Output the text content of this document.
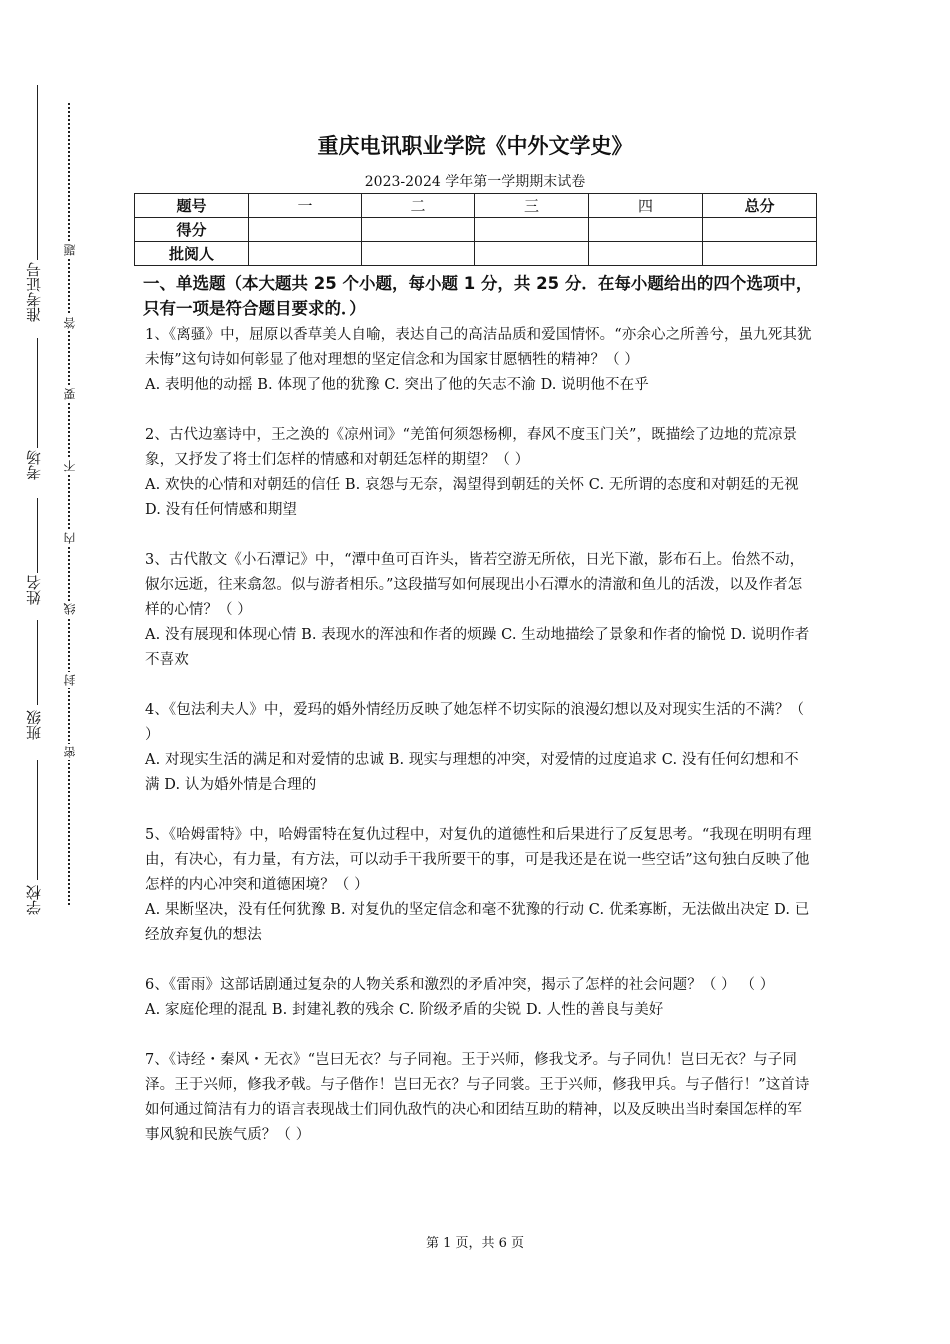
准考证号
考场
姓名
班级
学校
题
答
要
不
内
线
封
密
重庆电讯职业学院《中外文学史》
2023-2024 学年第一学期期末试卷
题号	一	二	三	四	总分
得分					
批阅人					
一、单选题（本大题共 25 个小题，每小题 1 分，共 25 分．在每小题给出的四个选项中，只有一项是符合题目要求的．）

1、《离骚》中，屈原以香草美人自喻，表达自己的高洁品质和爱国情怀。“亦余心之所善兮，虽九死其犹未悔”这句诗如何彰显了他对理想的坚定信念和为国家甘愿牺牲的精神？（ ）

A. 表明他的动摇 B. 体现了他的犹豫 C. 突出了他的矢志不渝 D. 说明他不在乎

2、古代边塞诗中，王之涣的《凉州词》“羌笛何须怨杨柳，春风不度玉门关”，既描绘了边地的荒凉景象，又抒发了将士们怎样的情感和对朝廷怎样的期望？（ ）

A. 欢快的心情和对朝廷的信任 B. 哀怨与无奈，渴望得到朝廷的关怀 C. 无所谓的态度和对朝廷的无视 D. 没有任何情感和期望

3、古代散文《小石潭记》中，“潭中鱼可百许头，皆若空游无所依，日光下澈，影布石上。佁然不动，俶尔远逝，往来翕忽。似与游者相乐。”这段描写如何展现出小石潭水的清澈和鱼儿的活泼，以及作者怎样的心情？（ ）

A. 没有展现和体现心情 B. 表现水的浑浊和作者的烦躁 C. 生动地描绘了景象和作者的愉悦 D. 说明作者不喜欢

4、《包法利夫人》中，爱玛的婚外情经历反映了她怎样不切实际的浪漫幻想以及对现实生活的不满？（ ）

A. 对现实生活的满足和对爱情的忠诚 B. 现实与理想的冲突，对爱情的过度追求 C. 没有任何幻想和不满 D. 认为婚外情是合理的

5、《哈姆雷特》中，哈姆雷特在复仇过程中，对复仇的道德性和后果进行了反复思考。“我现在明明有理由，有决心，有力量，有方法，可以动手干我所要干的事，可是我还是在说一些空话”这句独白反映了他怎样的内心冲突和道德困境？（ ）

A. 果断坚决，没有任何犹豫 B. 对复仇的坚定信念和毫不犹豫的行动 C. 优柔寡断，无法做出决定 D. 已经放弃复仇的想法

6、《雷雨》这部话剧通过复杂的人物关系和激烈的矛盾冲突，揭示了怎样的社会问题？（ ） （ ）

A. 家庭伦理的混乱 B. 封建礼教的残余 C. 阶级矛盾的尖锐 D. 人性的善良与美好

7、《诗经・秦风・无衣》“岂曰无衣？与子同袍。王于兴师，修我戈矛。与子同仇！岂曰无衣？与子同泽。王于兴师，修我矛戟。与子偕作！岂曰无衣？与子同裳。王于兴师，修我甲兵。与子偕行！”这首诗如何通过简洁有力的语言表现战士们同仇敌忾的决心和团结互助的精神，以及反映出当时秦国怎样的军事风貌和民族气质？（ ）

第 1 页，共 6 页
